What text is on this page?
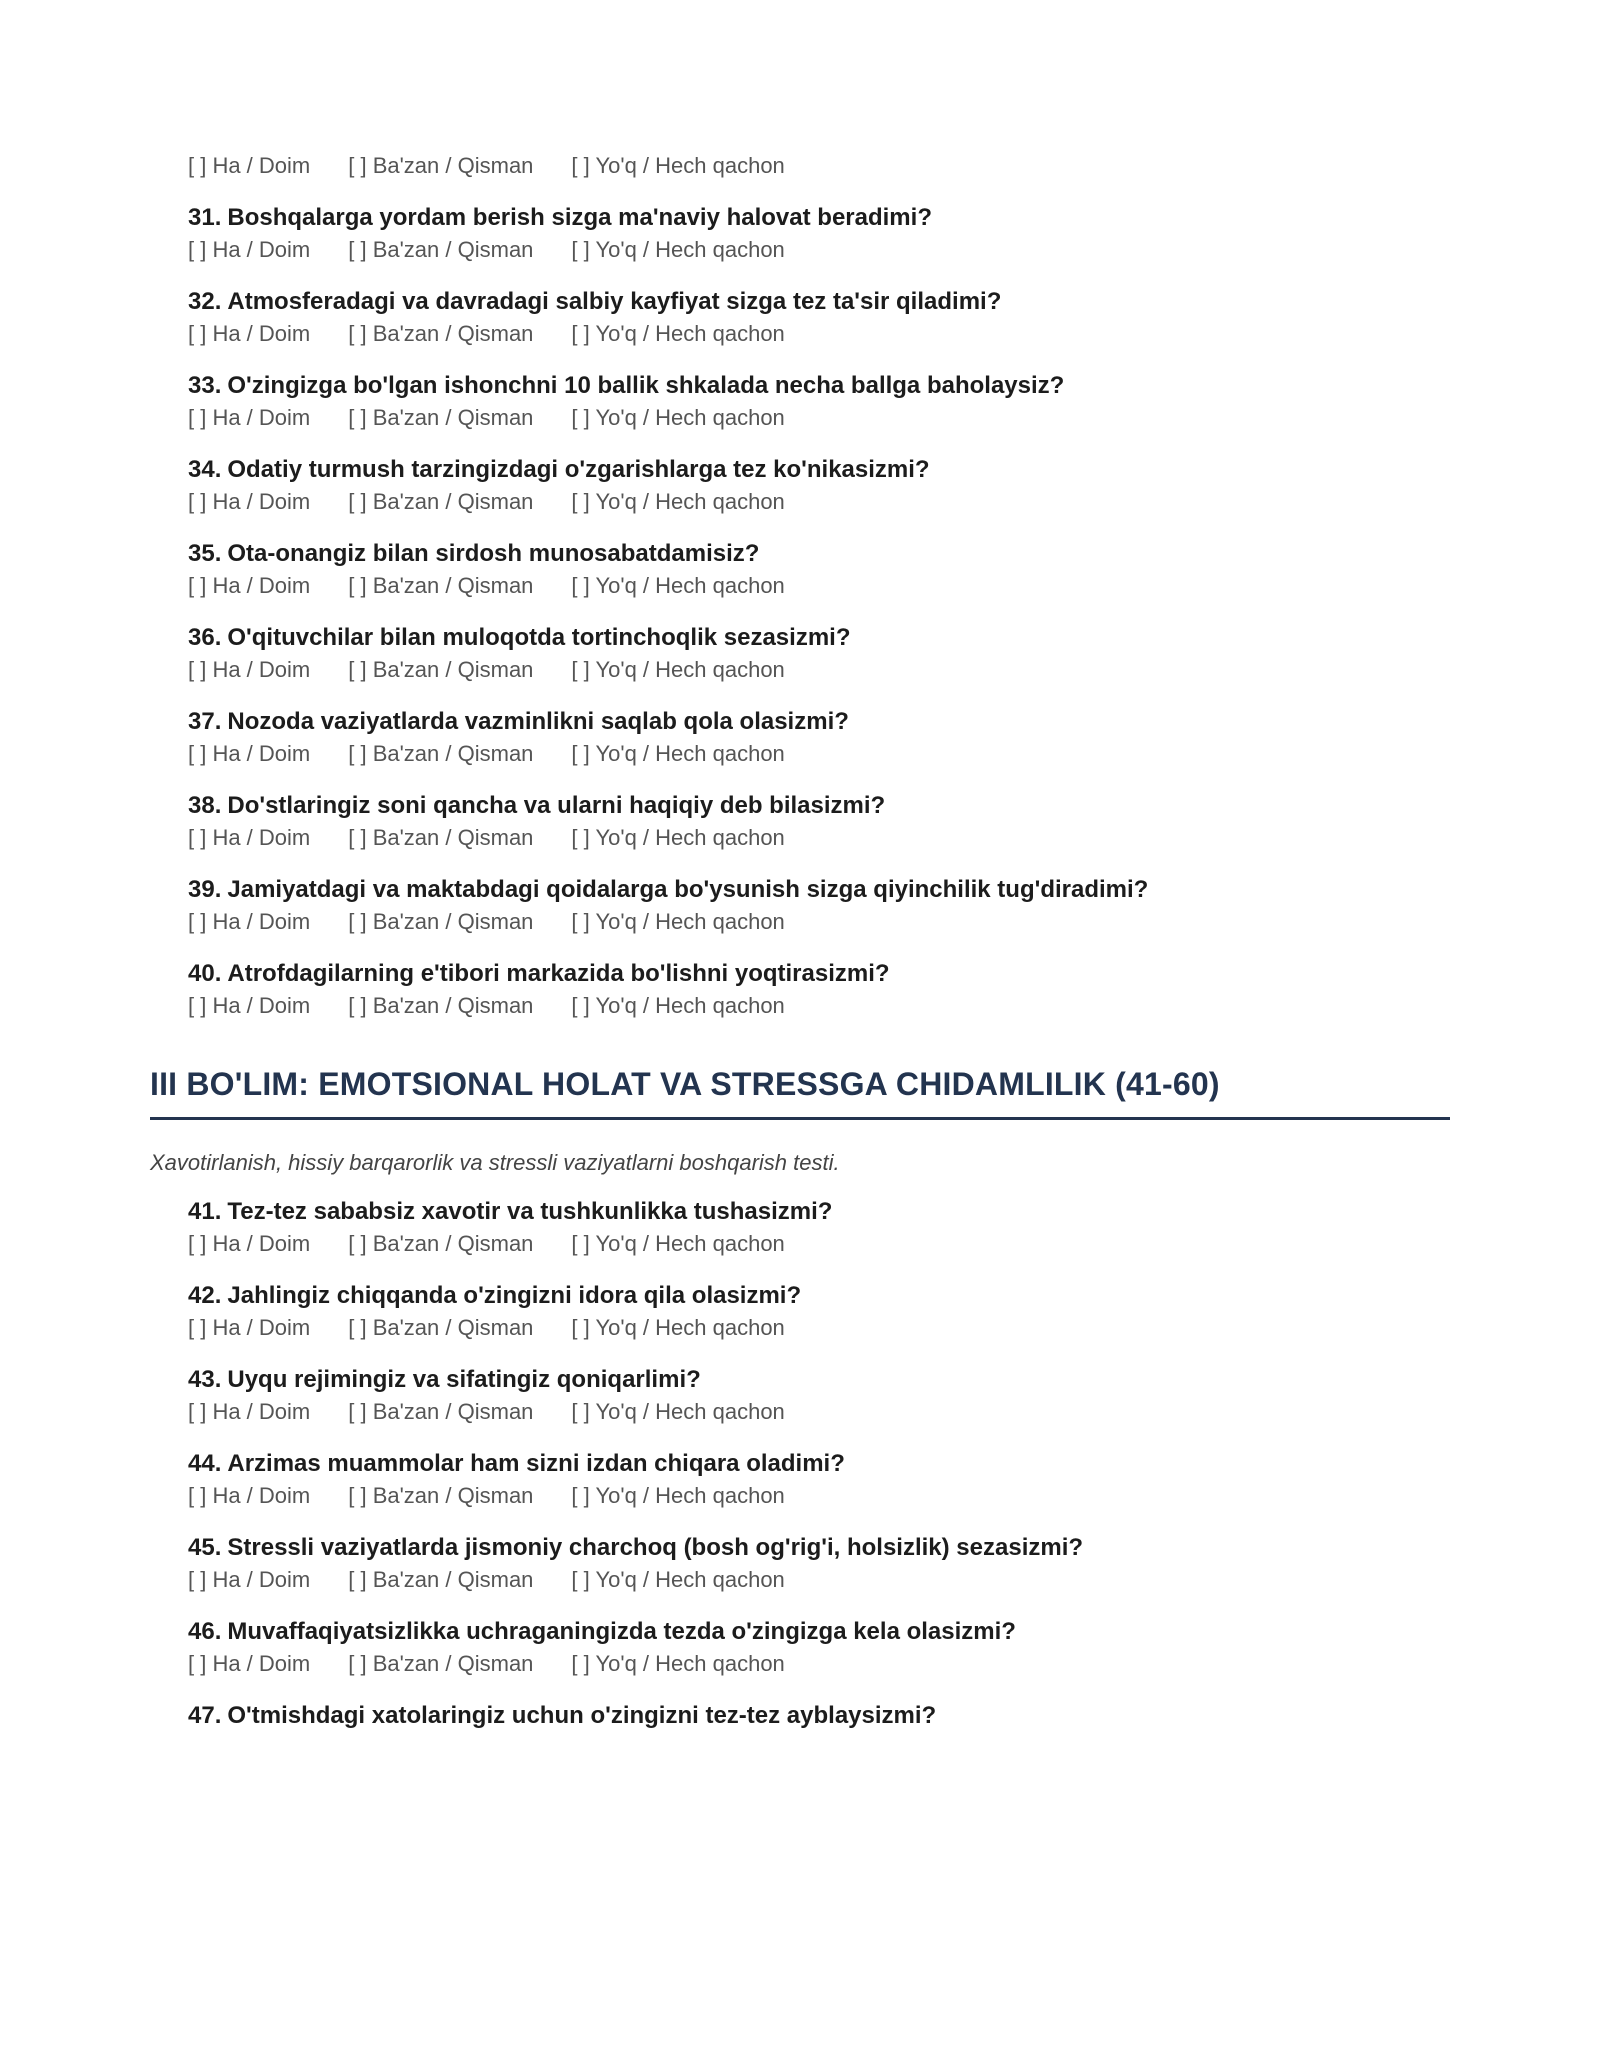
[ ] Ha / Doim [ ] Ba'zan / Qisman [ ] Yo'q / Hech qachon
31. Boshqalarga yordam berish sizga ma'naviy halovat beradimi?
[ ] Ha / Doim [ ] Ba'zan / Qisman [ ] Yo'q / Hech qachon
32. Atmosferadagi va davradagi salbiy kayfiyat sizga tez ta'sir qiladimi?
[ ] Ha / Doim [ ] Ba'zan / Qisman [ ] Yo'q / Hech qachon
33. O'zingizga bo'lgan ishonchni 10 ballik shkalada necha ballga baholaysiz?
[ ] Ha / Doim [ ] Ba'zan / Qisman [ ] Yo'q / Hech qachon
34. Odatiy turmush tarzingizdagi o'zgarishlarga tez ko'nikasizmi?
[ ] Ha / Doim [ ] Ba'zan / Qisman [ ] Yo'q / Hech qachon
35. Ota-onangiz bilan sirdosh munosabatdamisiz?
[ ] Ha / Doim [ ] Ba'zan / Qisman [ ] Yo'q / Hech qachon
36. O'qituvchilar bilan muloqotda tortinchoqlik sezasizmi?
[ ] Ha / Doim [ ] Ba'zan / Qisman [ ] Yo'q / Hech qachon
37. Nozoda vaziyatlarda vazminlikni saqlab qola olasizmi?
[ ] Ha / Doim [ ] Ba'zan / Qisman [ ] Yo'q / Hech qachon
38. Do'stlaringiz soni qancha va ularni haqiqiy deb bilasizmi?
[ ] Ha / Doim [ ] Ba'zan / Qisman [ ] Yo'q / Hech qachon
39. Jamiyatdagi va maktabdagi qoidalarga bo'ysunish sizga qiyinchilik tug'diradimi?
[ ] Ha / Doim [ ] Ba'zan / Qisman [ ] Yo'q / Hech qachon
40. Atrofdagilarning e'tibori markazida bo'lishni yoqtirasizmi?
[ ] Ha / Doim [ ] Ba'zan / Qisman [ ] Yo'q / Hech qachon
III BO'LIM: EMOTSIONAL HOLAT VA STRESSGA CHIDAMLILIK (41-60)
Xavotirlanish, hissiy barqarorlik va stressli vaziyatlarni boshqarish testi.
41. Tez-tez sababsiz xavotir va tushkunlikka tushasizmi?
[ ] Ha / Doim [ ] Ba'zan / Qisman [ ] Yo'q / Hech qachon
42. Jahlingiz chiqqanda o'zingizni idora qila olasizmi?
[ ] Ha / Doim [ ] Ba'zan / Qisman [ ] Yo'q / Hech qachon
43. Uyqu rejimingiz va sifatingiz qoniqarlimi?
[ ] Ha / Doim [ ] Ba'zan / Qisman [ ] Yo'q / Hech qachon
44. Arzimas muammolar ham sizni izdan chiqara oladimi?
[ ] Ha / Doim [ ] Ba'zan / Qisman [ ] Yo'q / Hech qachon
45. Stressli vaziyatlarda jismoniy charchoq (bosh og'rig'i, holsizlik) sezasizmi?
[ ] Ha / Doim [ ] Ba'zan / Qisman [ ] Yo'q / Hech qachon
46. Muvaffaqiyatsizlikka uchraganingizda tezda o'zingizga kela olasizmi?
[ ] Ha / Doim [ ] Ba'zan / Qisman [ ] Yo'q / Hech qachon
47. O'tmishdagi xatolaringiz uchun o'zingizni tez-tez ayblaysizmi?
